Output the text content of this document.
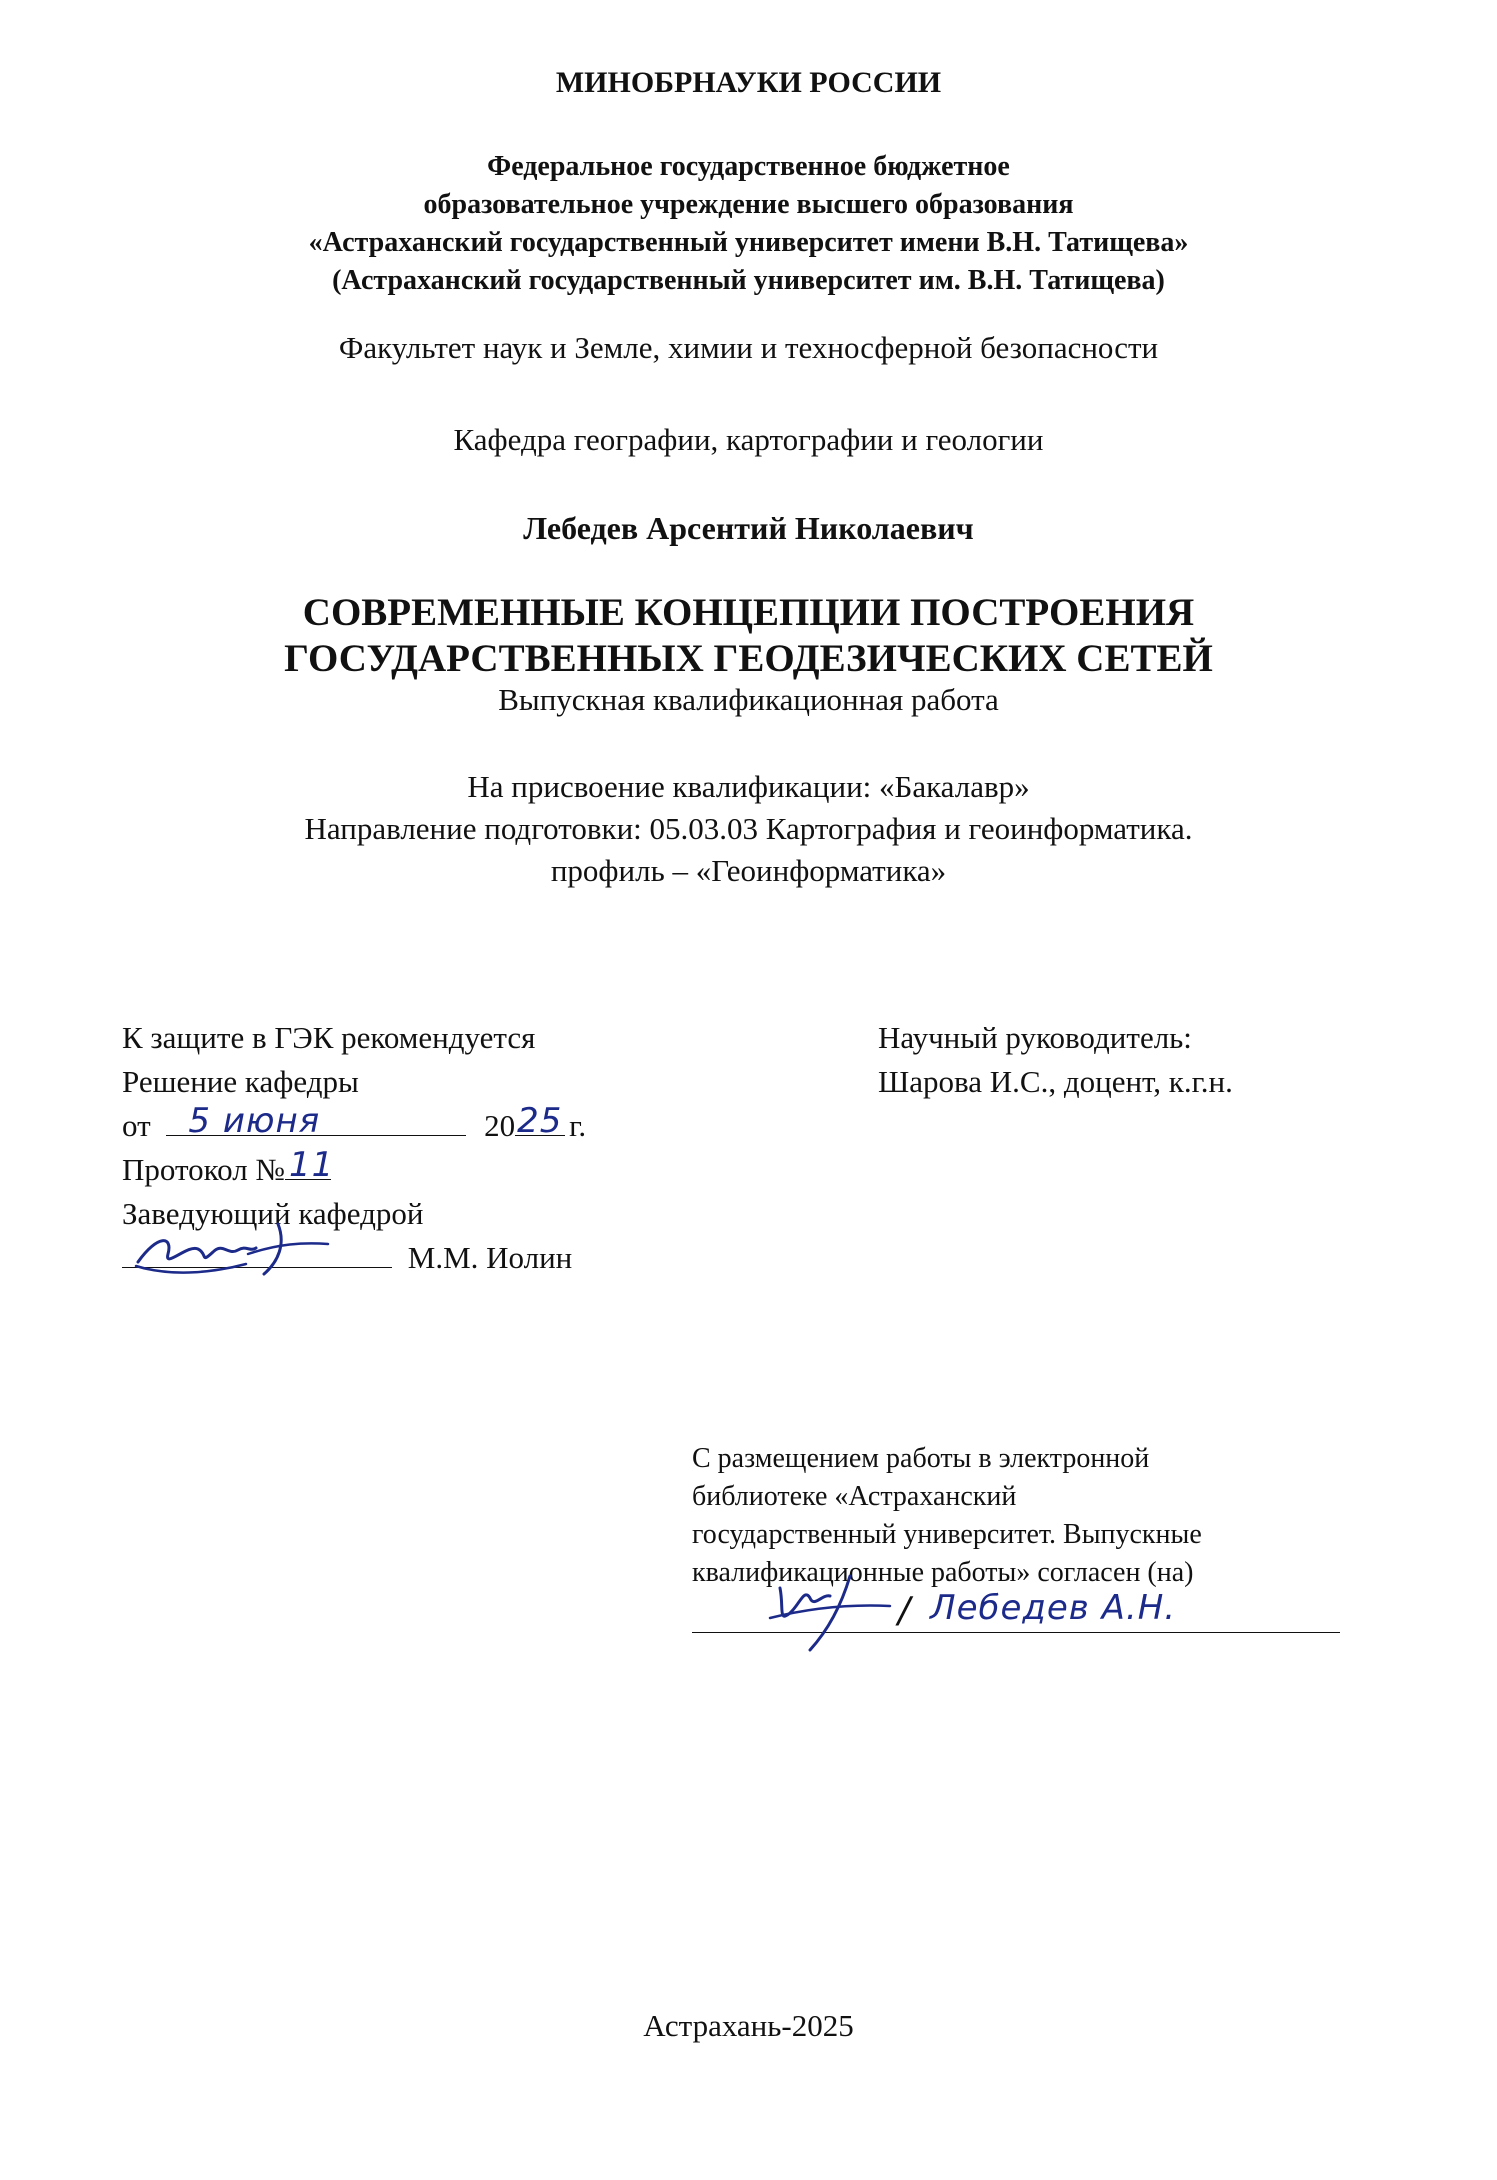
МИНОБРНАУКИ РОССИИ
Федеральное государственное бюджетное
образовательное учреждение высшего образования
«Астраханский государственный университет имени В.Н. Татищева»
(Астраханский государственный университет им. В.Н. Татищева)
Факультет наук и Земле, химии и техносферной безопасности
Кафедра географии, картографии и геологии
Лебедев Арсентий Николаевич
СОВРЕМЕННЫЕ КОНЦЕПЦИИ ПОСТРОЕНИЯ
ГОСУДАРСТВЕННЫХ ГЕОДЕЗИЧЕСКИХ СЕТЕЙ
Выпускная квалификационная работа
На присвоение квалификации: «Бакалавр»
Направление подготовки: 05.03.03 Картография и геоинформатика.
профиль – «Геоинформатика»
К защите в ГЭК рекомендуется
Решение кафедры
от 5 июня	20 25 г.
Протокол № 11
Заведующий кафедрой
М.М. Иолин
Научный руководитель:
Шарова И.С., доцент, к.г.н.
С размещением работы в электронной
библиотеке «Астраханский
государственный университет. Выпускные
квалификационные работы» согласен (на)
/ Лебедев А.Н.
Астрахань-2025
